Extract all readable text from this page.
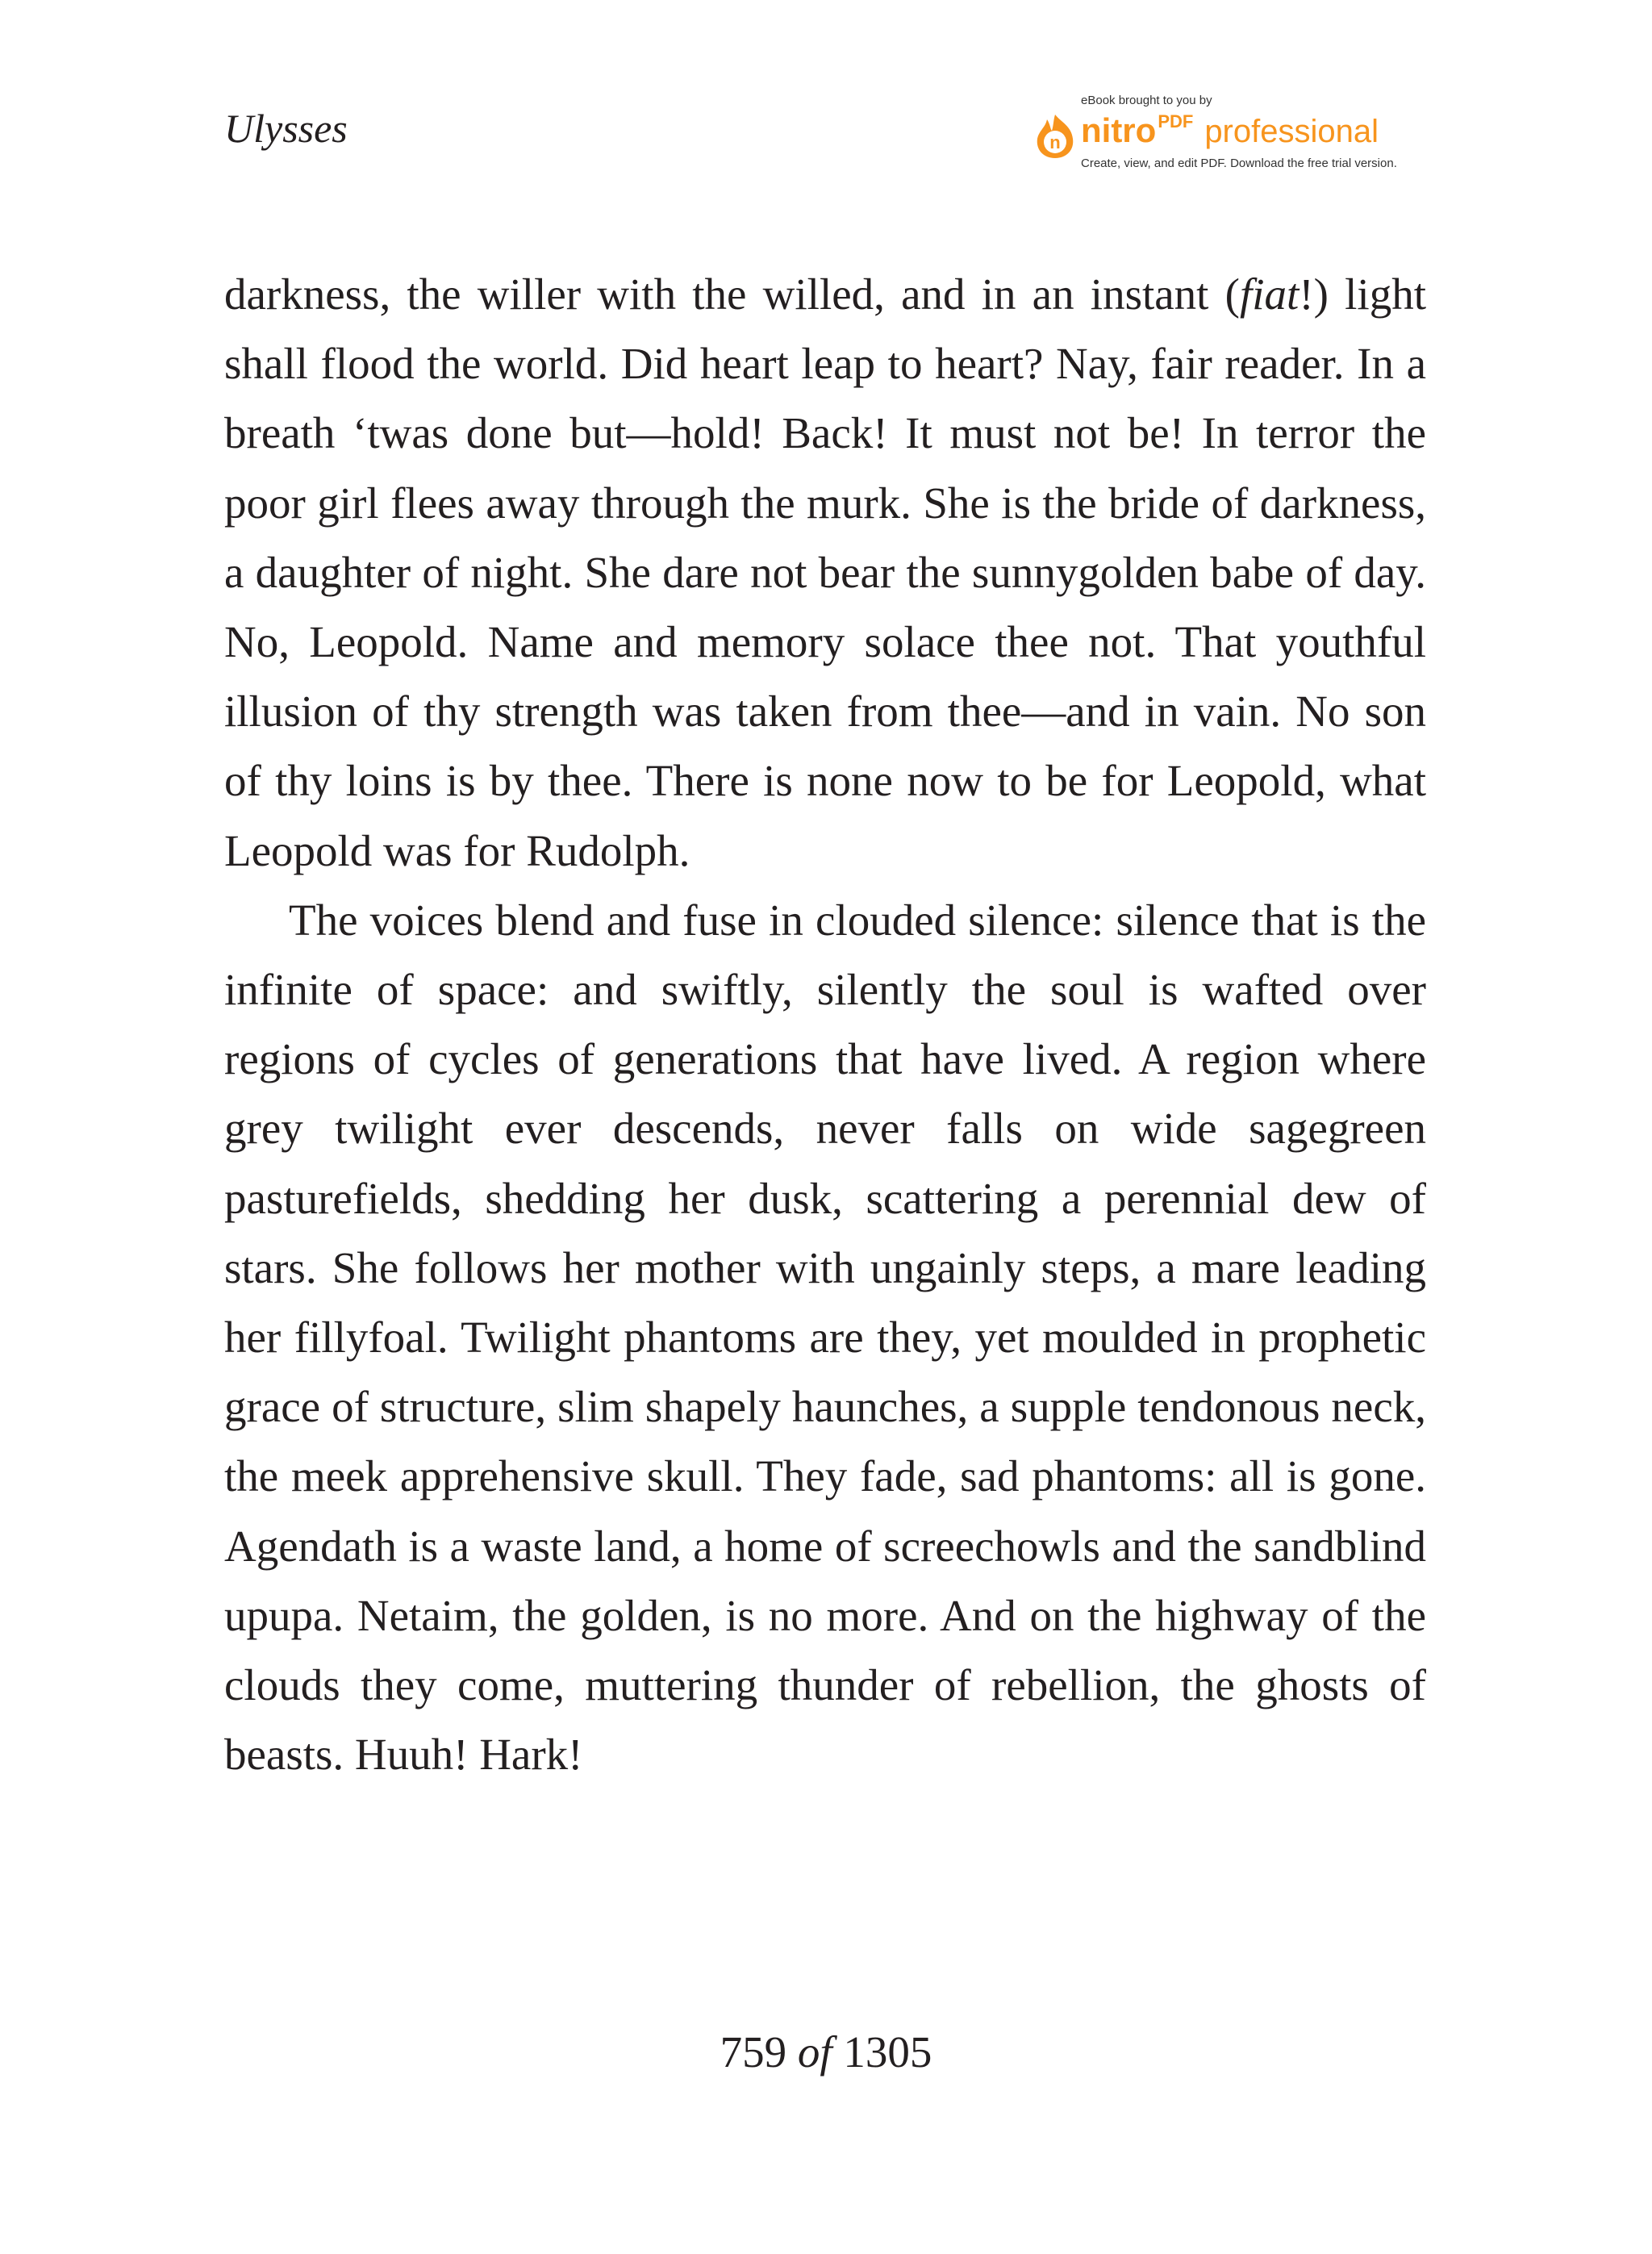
Ulysses
eBook brought to you by
n nitroPDF professional
Create, view, and edit PDF. Download the free trial version.

darkness, the willer with the willed, and in an instant (fiat!) light shall flood the world. Did heart leap to heart? Nay, fair reader. In a breath ‘twas done but—hold! Back! It must not be! In terror the poor girl flees away through the murk. She is the bride of darkness, a daughter of night. She dare not bear the sunnygolden babe of day. No, Leopold. Name and memory solace thee not. That youthful illusion of thy strength was taken from thee—and in vain. No son of thy loins is by thee. There is none now to be for Leopold, what Leopold was for Rudolph.

The voices blend and fuse in clouded silence: silence that is the infinite of space: and swiftly, silently the soul is wafted over regions of cycles of generations that have lived. A region where grey twilight ever descends, never falls on wide sagegreen pasturefields, shedding her dusk, scattering a perennial dew of stars. She follows her mother with ungainly steps, a mare leading her fillyfoal. Twilight phantoms are they, yet moulded in prophetic grace of structure, slim shapely haunches, a supple tendonous neck, the meek apprehensive skull. They fade, sad phantoms: all is gone. Agendath is a waste land, a home of screechowls and the sandblind upupa. Netaim, the golden, is no more. And on the highway of the clouds they come, muttering thunder of rebellion, the ghosts of beasts. Huuh! Hark!

759 of 1305
